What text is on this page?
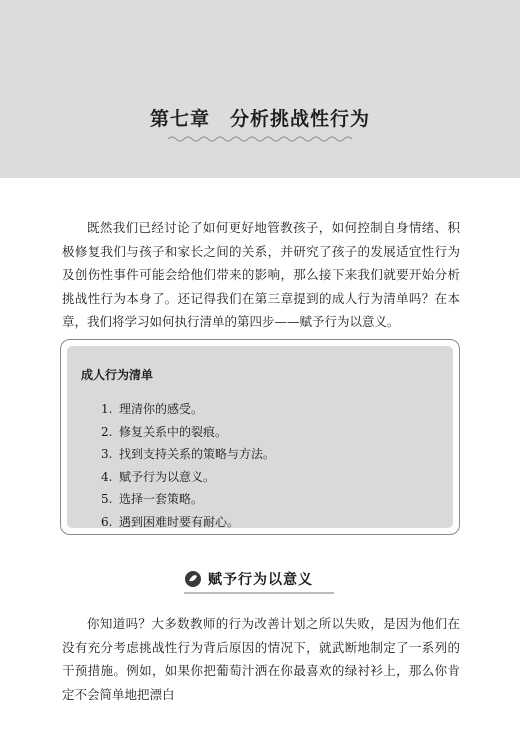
第七章　分析挑战性行为

既然我们已经讨论了如何更好地管教孩子，如何控制自身情绪、积极修复我们与孩子和家长之间的关系，并研究了孩子的发展适宜性行为及创伤性事件可能会给他们带来的影响，那么接下来我们就要开始分析挑战性行为本身了。还记得我们在第三章提到的成人行为清单吗？在本章，我们将学习如何执行清单的第四步——赋予行为以意义。

成人行为清单
1. 理清你的感受。
2. 修复关系中的裂痕。
3. 找到支持关系的策略与方法。
4. 赋予行为以意义。
5. 选择一套策略。
6. 遇到困难时要有耐心。
赋予行为以意义

你知道吗？大多数教师的行为改善计划之所以失败，是因为他们在没有充分考虑挑战性行为背后原因的情况下，就武断地制定了一系列的干预措施。例如，如果你把葡萄汁洒在你最喜欢的绿衬衫上，那么你肯定不会简单地把漂白
